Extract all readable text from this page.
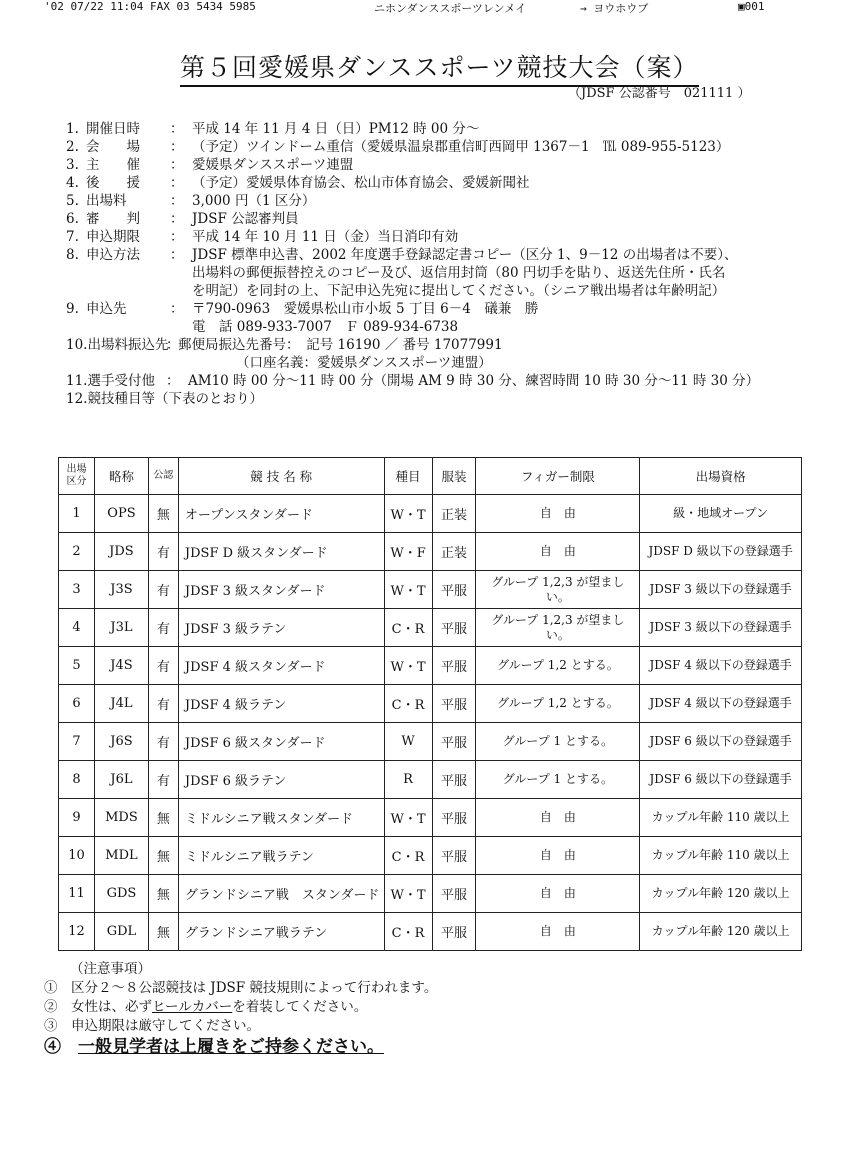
'02 07/22 11:04 FAX 03 5434 5985	ニホンダンススポーツレンメイ	→ ヨウホウブ	▣001
第５回愛媛県ダンススポーツ競技大会（案）
（JDSF 公認番号　021111 ）
1. 開催日時	： 平成 14 年 11 月 4 日（日）PM12 時 00 分～
2. 会　　場	： （予定）ツインドーム重信（愛媛県温泉郡重信町西岡甲 1367－1　℡ 089-955-5123）
3. 主　　催	： 愛媛県ダンススポーツ連盟
4. 後　　援	： （予定）愛媛県体育協会、松山市体育協会、愛媛新聞社
5. 出場料	： 3,000 円（1 区分）
6. 審　　判	： JDSF 公認審判員
7. 申込期限	： 平成 14 年 10 月 11 日（金）当日消印有効
8. 申込方法	： JDSF 標準申込書、2002 年度選手登録認定書コピー（区分 1、9－12 の出場者は不要）、
出場料の郵便振替控えのコピー及び、返信用封筒（80 円切手を貼り、返送先住所・氏名
を明記）を同封の上、下記申込先宛に提出してください。（シニア戦出場者は年齢明記）
9. 申込先	： 〒790-0963　愛媛県松山市小坂 5 丁目 6－4　礒兼　勝
電　話 089-933-7007　Ｆ 089-934-6738
10.出場料振込先
：
郵便局振込先番号：　記号 16190 ／ 番号 17077991
（口座名義：愛媛県ダンススポーツ連盟）
11.選手受付他 ： AM10 時 00 分～11 時 00 分（開場 AM 9 時 30 分、練習時間 10 時 30 分～11 時 30 分）
12.競技種目等（下表のとおり）
出場区分	略称	公認	競 技 名 称	種目	服装	フィガー制限	出場資格
1	OPS	無	オープンスタンダード	W・T	正装	自　由	級・地域オープン
2	JDS	有	JDSF D 級スタンダード	W・F	正装	自　由	JDSF D 級以下の登録選手
3	J3S	有	JDSF 3 級スタンダード	W・T	平服	グループ 1,2,3 が望ましい。	JDSF 3 級以下の登録選手
4	J3L	有	JDSF 3 級ラテン	C・R	平服	グループ 1,2,3 が望ましい。	JDSF 3 級以下の登録選手
5	J4S	有	JDSF 4 級スタンダード	W・T	平服	グループ 1,2 とする。	JDSF 4 級以下の登録選手
6	J4L	有	JDSF 4 級ラテン	C・R	平服	グループ 1,2 とする。	JDSF 4 級以下の登録選手
7	J6S	有	JDSF 6 級スタンダード	W	平服	グループ 1 とする。	JDSF 6 級以下の登録選手
8	J6L	有	JDSF 6 級ラテン	R	平服	グループ 1 とする。	JDSF 6 級以下の登録選手
9	MDS	無	ミドルシニア戦スタンダード	W・T	平服	自　由	カップル年齢 110 歳以上
10	MDL	無	ミドルシニア戦ラテン	C・R	平服	自　由	カップル年齢 110 歳以上
11	GDS	無	グランドシニア戦　スタンダード	W・T	平服	自　由	カップル年齢 120 歳以上
12	GDL	無	グランドシニア戦ラテン	C・R	平服	自　由	カップル年齢 120 歳以上
（注意事項）
①　 区分２～８公認競技は JDSF 競技規則によって行われます。
②　 女性は、必ずヒールカバーを着装してください。
③　 申込期限は厳守してください。
④　 一般見学者は上履きをご持参ください。
